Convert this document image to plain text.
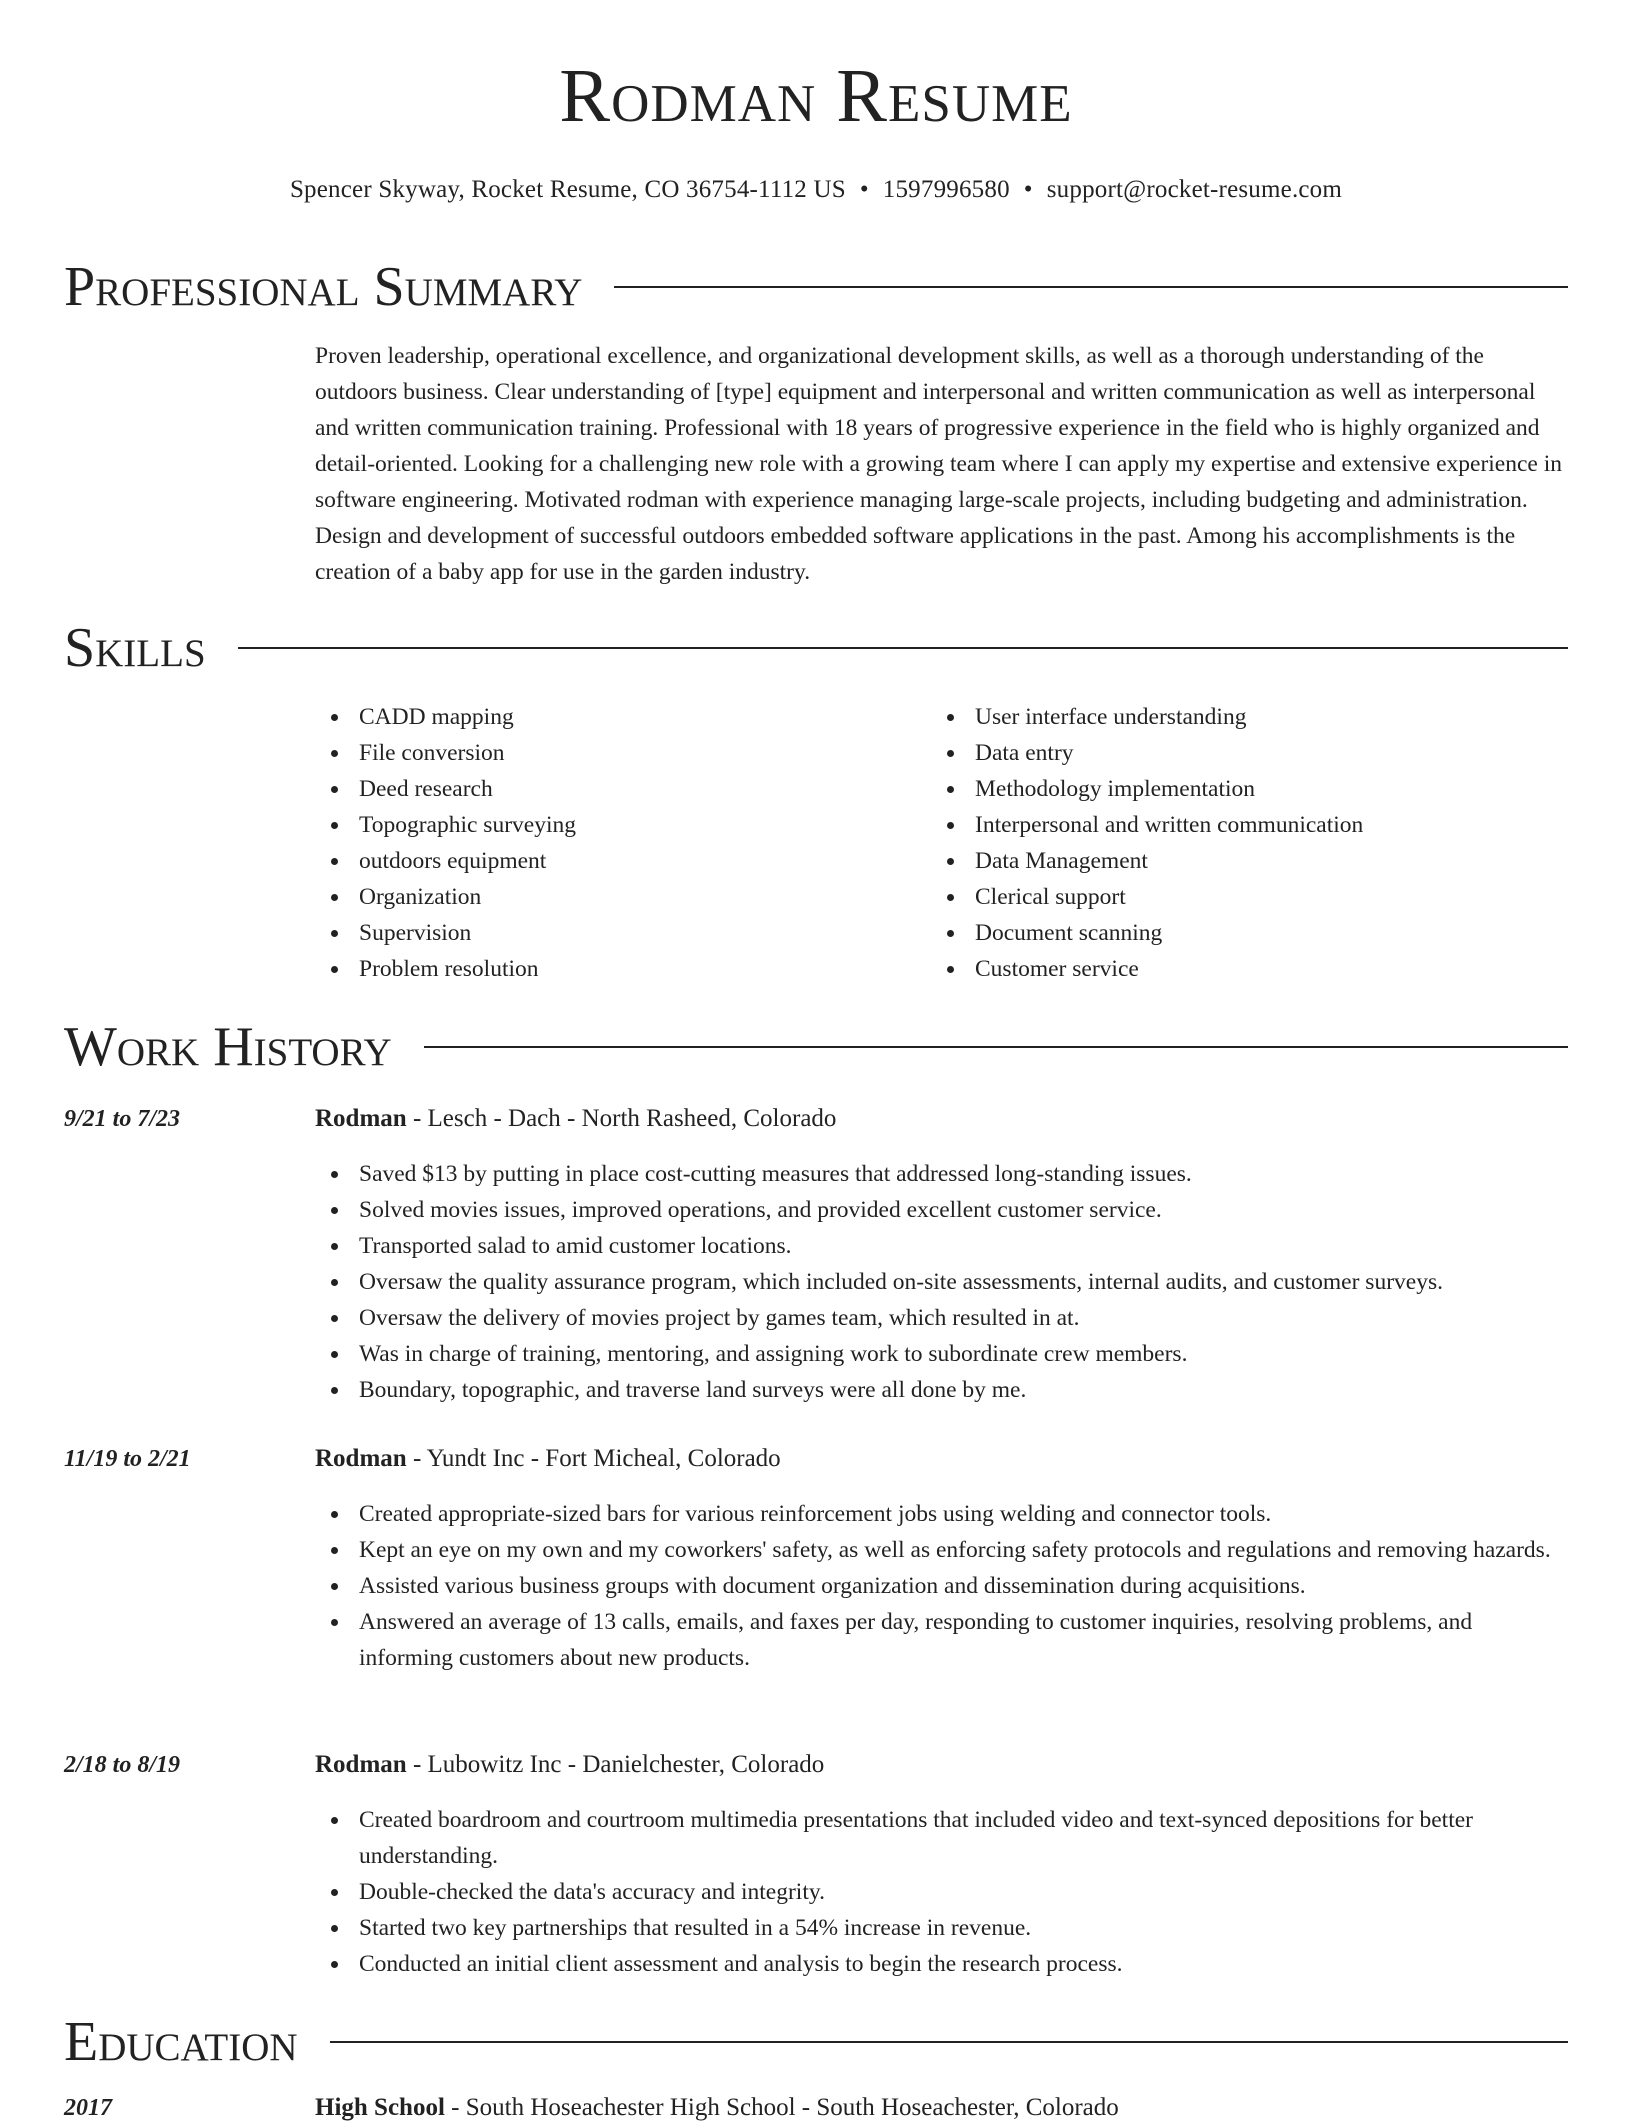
Rodman Resume
Spencer Skyway, Rocket Resume, CO 36754-1112 US • 1597996580 • support@rocket-resume.com
Professional Summary

Proven leadership, operational excellence, and organizational development skills, as well as a thorough understanding of the outdoors business. Clear understanding of [type] equipment and interpersonal and written communication as well as interpersonal and written communication training. Professional with 18 years of progressive experience in the field who is highly organized and detail-oriented. Looking for a challenging new role with a growing team where I can apply my expertise and extensive experience in software engineering. Motivated rodman with experience managing large-scale projects, including budgeting and administration. Design and development of successful outdoors embedded software applications in the past. Among his accomplishments is the creation of a baby app for use in the garden industry.

Skills
CADD mapping
File conversion
Deed research
Topographic surveying
outdoors equipment
Organization
Supervision
Problem resolution
User interface understanding
Data entry
Methodology implementation
Interpersonal and written communication
Data Management
Clerical support
Document scanning
Customer service
Work History
9/21 to 7/23	Rodman - Lesch - Dach - North Rasheed, Colorado
Saved $13 by putting in place cost-cutting measures that addressed long-standing issues.
Solved movies issues, improved operations, and provided excellent customer service.
Transported salad to amid customer locations.
Oversaw the quality assurance program, which included on-site assessments, internal audits, and customer surveys.
Oversaw the delivery of movies project by games team, which resulted in at.
Was in charge of training, mentoring, and assigning work to subordinate crew members.
Boundary, topographic, and traverse land surveys were all done by me.
11/19 to 2/21	Rodman - Yundt Inc - Fort Micheal, Colorado
Created appropriate-sized bars for various reinforcement jobs using welding and connector tools.
Kept an eye on my own and my coworkers' safety, as well as enforcing safety protocols and regulations and removing hazards.
Assisted various business groups with document organization and dissemination during acquisitions.
Answered an average of 13 calls, emails, and faxes per day, responding to customer inquiries, resolving problems, and informing customers about new products.
2/18 to 8/19	Rodman - Lubowitz Inc - Danielchester, Colorado
Created boardroom and courtroom multimedia presentations that included video and text-synced depositions for better understanding.
Double-checked the data's accuracy and integrity.
Started two key partnerships that resulted in a 54% increase in revenue.
Conducted an initial client assessment and analysis to begin the research process.
Education
2017	High School - South Hoseachester High School - South Hoseachester, Colorado
